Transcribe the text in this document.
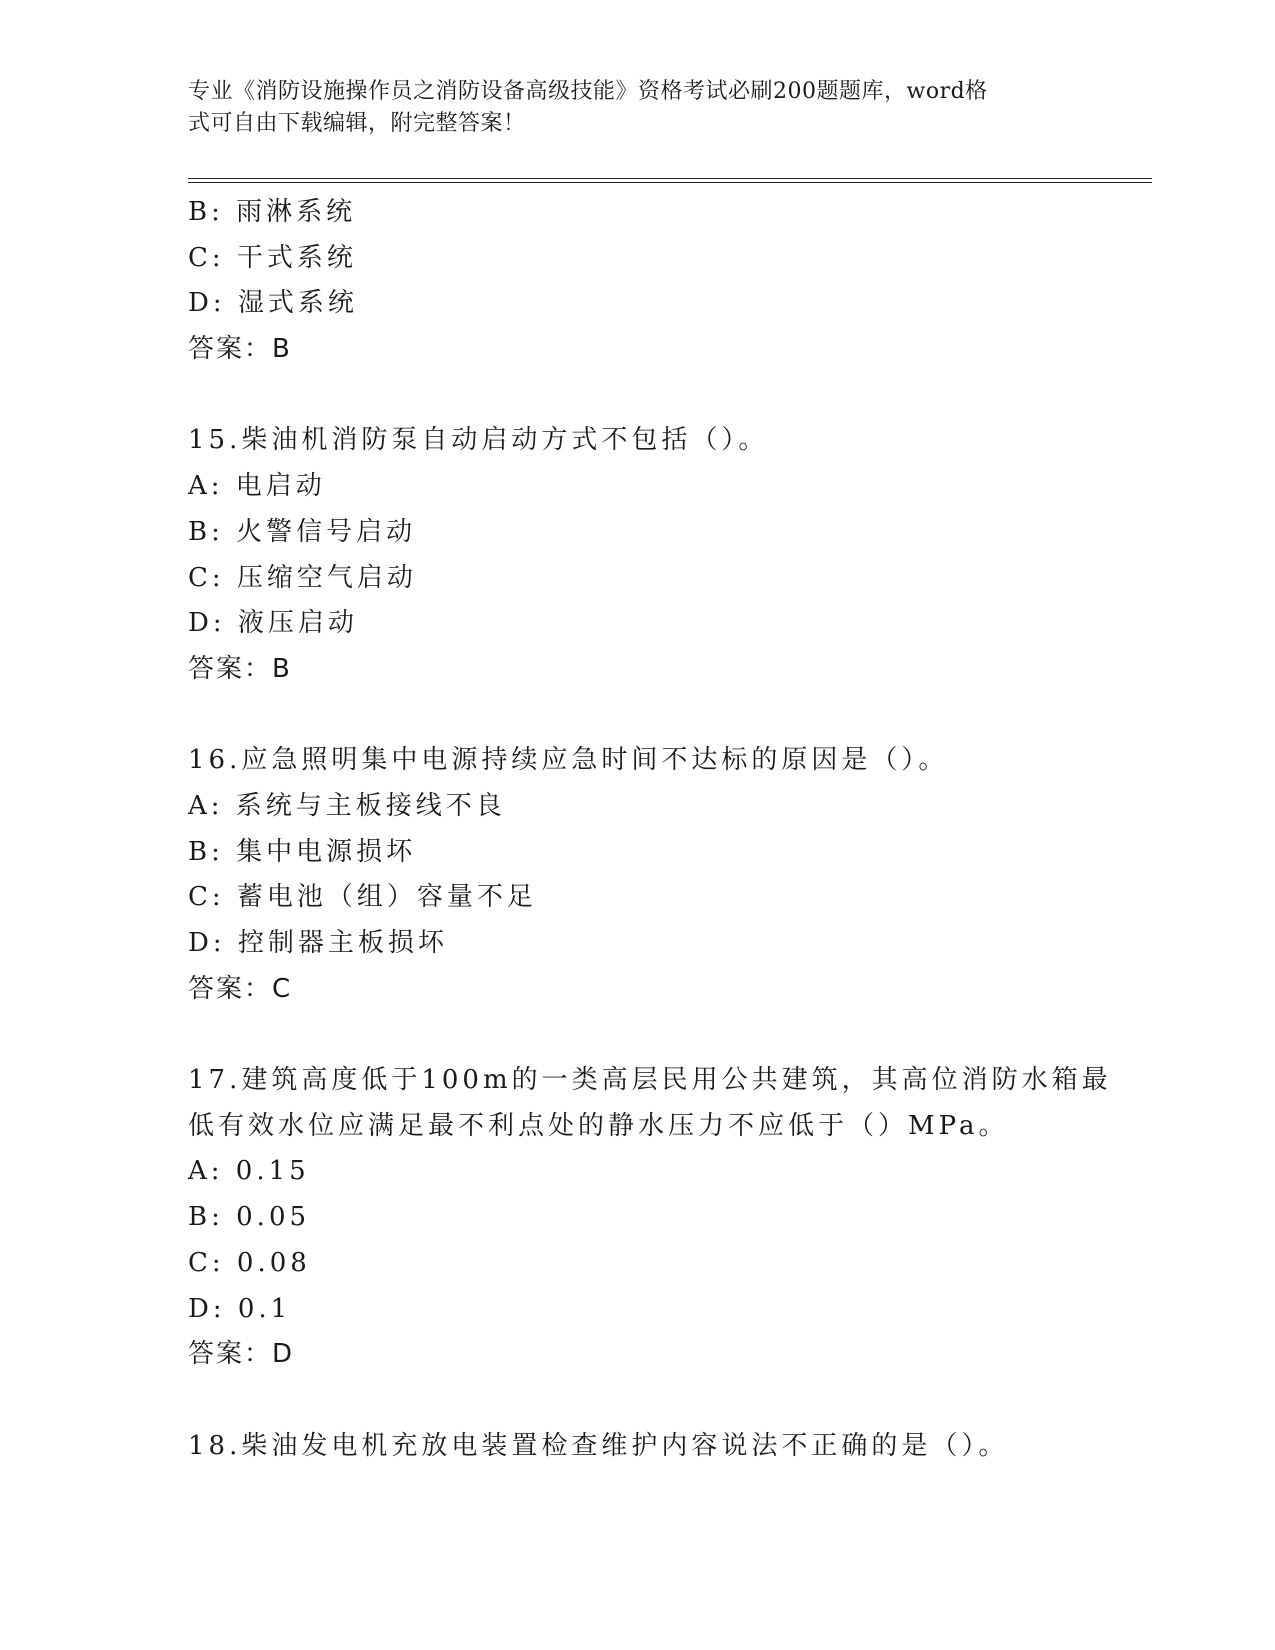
专业《消防设施操作员之消防设备高级技能》资格考试必刷200题题库，word格
式可自由下载编辑，附完整答案！
B: 雨淋系统
C: 干式系统
D: 湿式系统
答案：B
15.柴油机消防泵自动启动方式不包括（）。
A: 电启动
B: 火警信号启动
C: 压缩空气启动
D: 液压启动
答案：B
16.应急照明集中电源持续应急时间不达标的原因是（）。
A: 系统与主板接线不良
B: 集中电源损坏
C: 蓄电池（组）容量不足
D: 控制器主板损坏
答案：C
17.建筑高度低于100m的一类高层民用公共建筑，其高位消防水箱最
低有效水位应满足最不利点处的静水压力不应低于（）MPa。
A: 0.15
B: 0.05
C: 0.08
D: 0.1
答案：D
18.柴油发电机充放电装置检查维护内容说法不正确的是（）。
